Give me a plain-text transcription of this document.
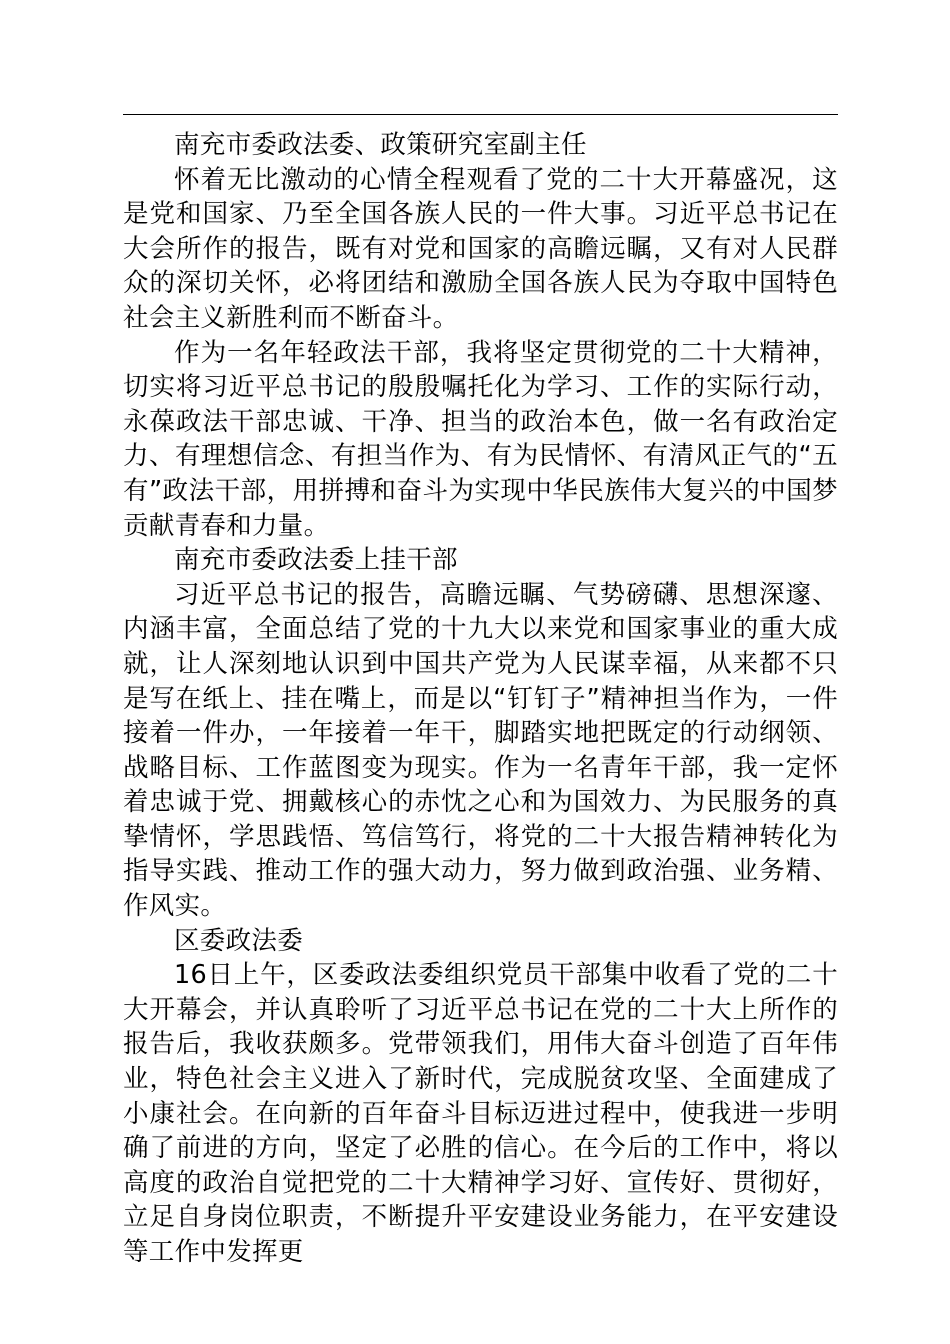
南充市委政法委、政策研究室副主任

怀着无比激动的心情全程观看了党的二十大开幕盛况，这是党和国家、乃至全国各族人民的一件大事。习近平总书记在大会所作的报告，既有对党和国家的高瞻远瞩，又有对人民群众的深切关怀，必将团结和激励全国各族人民为夺取中国特色社会主义新胜利而不断奋斗。

作为一名年轻政法干部，我将坚定贯彻党的二十大精神，切实将习近平总书记的殷殷嘱托化为学习、工作的实际行动，永葆政法干部忠诚、干净、担当的政治本色，做一名有政治定力、有理想信念、有担当作为、有为民情怀、有清风正气的“五有”政法干部，用拼搏和奋斗为实现中华民族伟大复兴的中国梦贡献青春和力量。

南充市委政法委上挂干部

习近平总书记的报告，高瞻远瞩、气势磅礴、思想深邃、内涵丰富，全面总结了党的十九大以来党和国家事业的重大成就，让人深刻地认识到中国共产党为人民谋幸福，从来都不只是写在纸上、挂在嘴上，而是以“钉钉子”精神担当作为，一件接着一件办，一年接着一年干，脚踏实地把既定的行动纲领、战略目标、工作蓝图变为现实。作为一名青年干部，我一定怀着忠诚于党、拥戴核心的赤忱之心和为国效力、为民服务的真挚情怀，学思践悟、笃信笃行，将党的二十大报告精神转化为指导实践、推动工作的强大动力，努力做到政治强、业务精、作风实。

区委政法委

16日上午，区委政法委组织党员干部集中收看了党的二十大开幕会，并认真聆听了习近平总书记在党的二十大上所作的报告后，我收获颇多。党带领我们，用伟大奋斗创造了百年伟业，特色社会主义进入了新时代，完成脱贫攻坚、全面建成了小康社会。在向新的百年奋斗目标迈进过程中，使我进一步明确了前进的方向，坚定了必胜的信心。在今后的工作中，将以高度的政治自觉把党的二十大精神学习好、宣传好、贯彻好，立足自身岗位职责，不断提升平安建设业务能力，在平安建设等工作中发挥更
